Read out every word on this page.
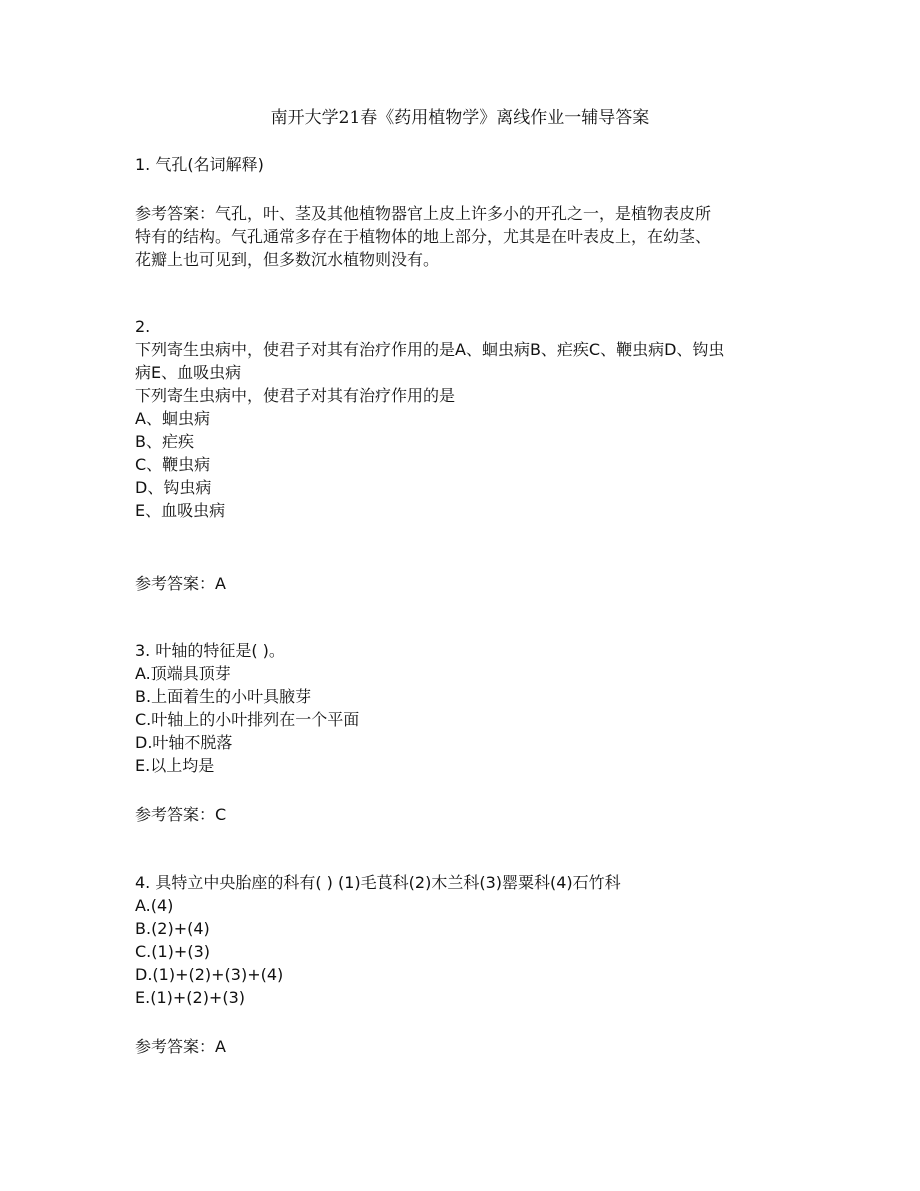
南开大学21春《药用植物学》离线作业一辅导答案
1. 气孔(名词解释)
参考答案：气孔，叶、茎及其他植物器官上皮上许多小的开孔之一，是植物表皮所
特有的结构。气孔通常多存在于植物体的地上部分，尤其是在叶表皮上，在幼茎、
花瓣上也可见到，但多数沉水植物则没有。
2.
下列寄生虫病中，使君子对其有治疗作用的是A、蛔虫病B、疟疾C、鞭虫病D、钩虫
病E、血吸虫病
下列寄生虫病中，使君子对其有治疗作用的是
A、蛔虫病
B、疟疾
C、鞭虫病
D、钩虫病
E、血吸虫病
参考答案：A
3. 叶轴的特征是( )。
A.顶端具顶芽
B.上面着生的小叶具腋芽
C.叶轴上的小叶排列在一个平面
D.叶轴不脱落
E.以上均是
参考答案：C
4. 具特立中央胎座的科有( ) (1)毛茛科(2)木兰科(3)罂粟科(4)石竹科
A.(4)
B.(2)+(4)
C.(1)+(3)
D.(1)+(2)+(3)+(4)
E.(1)+(2)+(3)
参考答案：A
